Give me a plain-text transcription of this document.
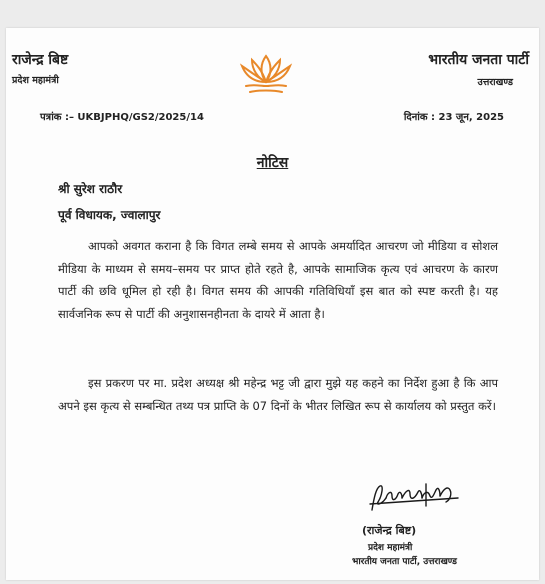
राजेन्द्र बिष्ट
प्रदेश महामंत्री
भारतीय जनता पार्टी
उत्तराखण्ड
पत्रांक :– UKBJPHQ/GS2/2025/14	दिनांक : 23 जून, 2025
नोटिस
श्री सुरेश राठौर
पूर्व विधायक, ज्वालापुर
आपको अवगत कराना है कि विगत लम्बे समय से आपके अमर्यादित आचरण जो मीडिया व सोशल मीडिया के माध्यम से समय–समय पर प्राप्त होते रहते है, आपके सामाजिक कृत्य एवं आचरण के कारण पार्टी की छवि धूमिल हो रही है। विगत समय की आपकी गतिविधियाँ इस बात को स्पष्ट करती है। यह सार्वजनिक रूप से पार्टी की अनुशासनहीनता के दायरे में आता है।
इस प्रकरण पर मा. प्रदेश अध्यक्ष श्री महेन्द्र भट्ट जी द्वारा मुझे यह कहने का निर्देश हुआ है कि आप अपने इस कृत्य से सम्बन्धित तथ्य पत्र प्राप्ति के 07 दिनों के भीतर लिखित रूप से कार्यालय को प्रस्तुत करें।
(राजेन्द्र बिष्ट)
प्रदेश महामंत्री
भारतीय जनता पार्टी, उत्तराखण्ड
